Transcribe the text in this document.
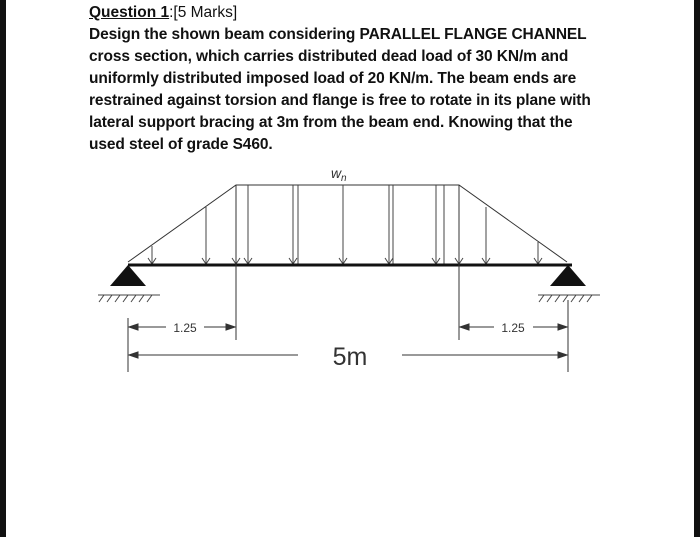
Question 1:[5 Marks]
Design the shown beam considering PARALLEL FLANGE CHANNEL
cross section, which carries distributed dead load of 30 KN/m and
uniformly distributed imposed load of 20 KN/m. The beam ends are
restrained against torsion and flange is free to rotate in its plane with
lateral support bracing at 3m from the beam end. Knowing that the
used steel of grade S460.
w n
1.25	1.25
5m
